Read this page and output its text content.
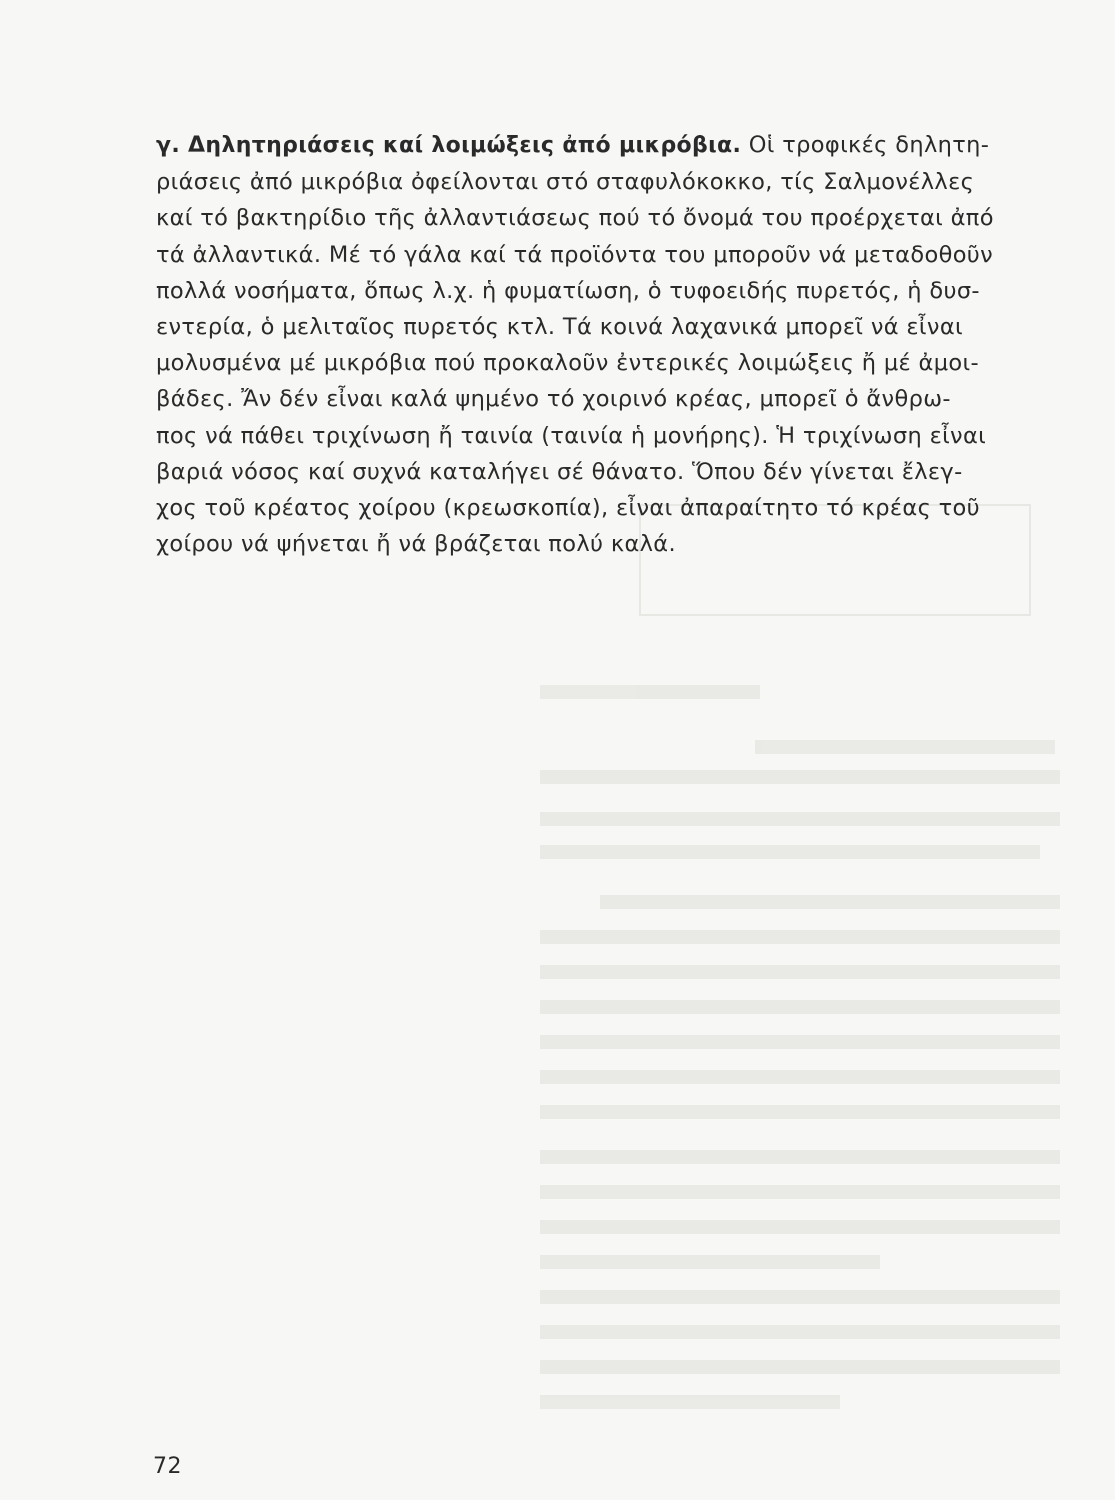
γ. Δηλητηριάσεις καί λοιμώξεις ἀπό μικρόβια. Οἱ τροφικές δηλητη-
ριάσεις ἀπό μικρόβια ὀφείλονται στό σταφυλόκοκκο, τίς Σαλμονέλλες
καί τό βακτηρίδιο τῆς ἀλλαντιάσεως πού τό ὄνομά του προέρχεται ἀπό
τά ἀλλαντικά. Μέ τό γάλα καί τά προϊόντα του μποροῦν νά μεταδοθοῦν
πολλά νοσήματα, ὅπως λ.χ. ἡ φυματίωση, ὁ τυφοειδής πυρετός, ἡ δυσ-
εντερία, ὁ μελιταῖος πυρετός κτλ. Τά κοινά λαχανικά μπορεῖ νά εἶναι
μολυσμένα μέ μικρόβια πού προκαλοῦν ἐντερικές λοιμώξεις ἤ μέ ἀμοι-
βάδες. Ἄν δέν εἶναι καλά ψημένο τό χοιρινό κρέας, μπορεῖ ὁ ἄνθρω-
πος νά πάθει τριχίνωση ἤ ταινία (ταινία ἡ μονήρης). Ἡ τριχίνωση εἶναι
βαριά νόσος καί συχνά καταλήγει σέ θάνατο. Ὅπου δέν γίνεται ἔλεγ-
χος τοῦ κρέατος χοίρου (κρεωσκοπία), εἶναι ἀπαραίτητο τό κρέας τοῦ
χοίρου νά ψήνεται ἤ νά βράζεται πολύ καλά.
72
